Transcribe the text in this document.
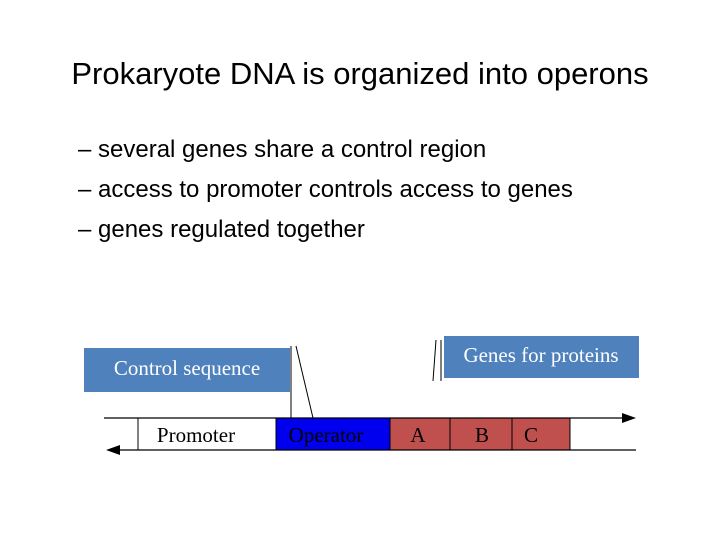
Prokaryote DNA is organized into operons
– several genes share a control region
– access to promoter controls access to genes
– genes regulated together
Control sequence
Genes for proteins
Promoter	Operator A B C
